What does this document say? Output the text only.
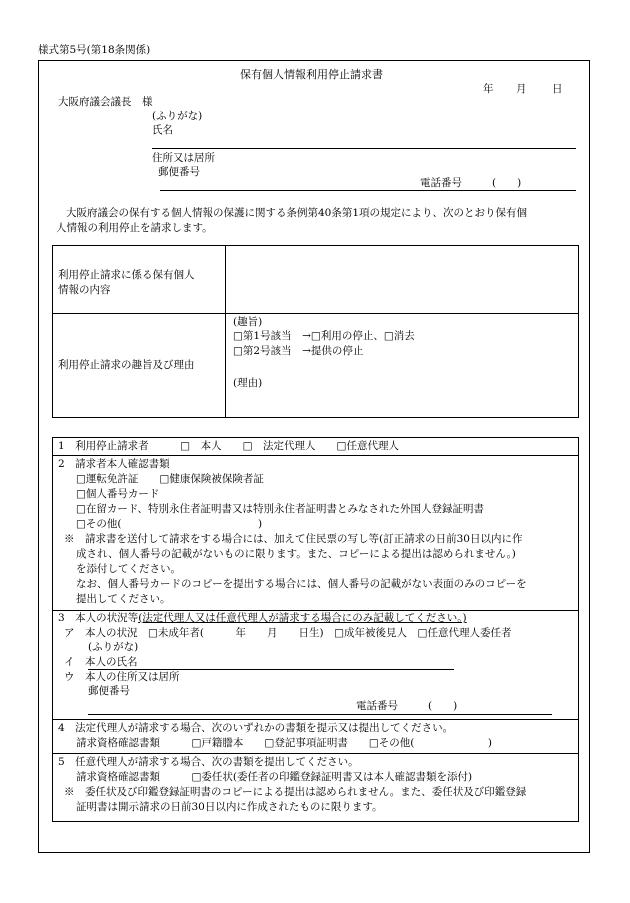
様式第5号(第18条関係)
保有個人情報利用停止請求書
年 月 日
大阪府議会議長　様
(ふりがな)
氏名
住所又は居所
郵便番号
電話番号	(　　)
大阪府議会の保有する個人情報の保護に関する条例第40条第1項の規定により、次のとおり保有個
人情報の利用停止を請求します。
利用停止請求に係る保有個人
情報の内容
利用停止請求の趣旨及び理由
(趣旨)
□第1号該当　→□利用の停止、□消去
□第2号該当　→提供の停止
(理由)
1　利用停止請求者　　　□　本人　　□　法定代理人　　□任意代理人
2　請求者本人確認書類
□運転免許証　　□健康保険被保険者証
□個人番号カード
□在留カード、特別永住者証明書又は特別永住者証明書とみなされた外国人登録証明書
□その他(　　　　　　　　　　　　　)
※　請求書を送付して請求をする場合には、加えて住民票の写し等(訂正請求の日前30日以内に作
成され、個人番号の記載がないものに限ります。また、コピーによる提出は認められません。)
を添付してください。
なお、個人番号カードのコピーを提出する場合には、個人番号の記載がない表面のみのコピーを
提出してください。
3　本人の状況等(法定代理人又は任意代理人が請求する場合にのみ記載してください。)
ア　本人の状況　□未成年者(　　　年　　月　　日生)　□成年被後見人　□任意代理人委任者
(ふりがな)
イ　本人の氏名
ウ　本人の住所又は居所
郵便番号
電話番号	(　　)
4　法定代理人が請求する場合、次のいずれかの書類を提示又は提出してください。
請求資格確認書類　　　□戸籍謄本　　□登記事項証明書　　□その他(　　　　　　　)
5　任意代理人が請求する場合、次の書類を提出してください。
請求資格確認書類　　　□委任状(委任者の印鑑登録証明書又は本人確認書類を添付)
※　委任状及び印鑑登録証明書のコピーによる提出は認められません。また、委任状及び印鑑登録
証明書は開示請求の日前30日以内に作成されたものに限ります。
